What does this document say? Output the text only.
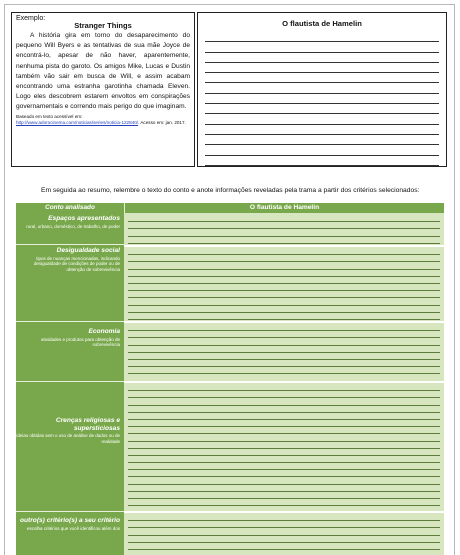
Exemplo:
Stranger Things
A história gira em torno do desaparecimento do pequeno Will Byers e as tentativas de sua mãe Joyce de encontrá-lo, apesar de não haver, aparentemente, nenhuma pista do garoto. Os amigos Mike, Lucas e Dustin também vão sair em busca de Will, e assim acabam encontrando uma estranha garotinha chamada Eleven. Logo eles descobrem estarem envoltos em conspirações governamentais e correndo mais perigo do que imaginam.
Baseado em texto acessível em:
http://www.adorocinema.com/noticias/series/noticia-122840/. Acesso em: jan. 2017.
O flautista de Hamelin
Em seguida ao resumo, relembre o texto do conto e anote informações reveladas pela trama a partir dos critérios selecionados:
Conto analisado	O flautista de Hamelin
Espaços apresentados
rural, urbano, doméstico, de trabalho, de poder
Desigualdade social
tipos de nuanças mencionadas, indicando desigualdade de condições de poder ou de obtenção de sobrevivência
Economia
atividades e produtos para obtenção de sobrevivência
Crenças religiosas e supersticiosas
ideias obtidas sem o uso de análise de dados ou de realidade
outro(s) critério(s) a seu critério
escolha critérios que você identificou além dos
